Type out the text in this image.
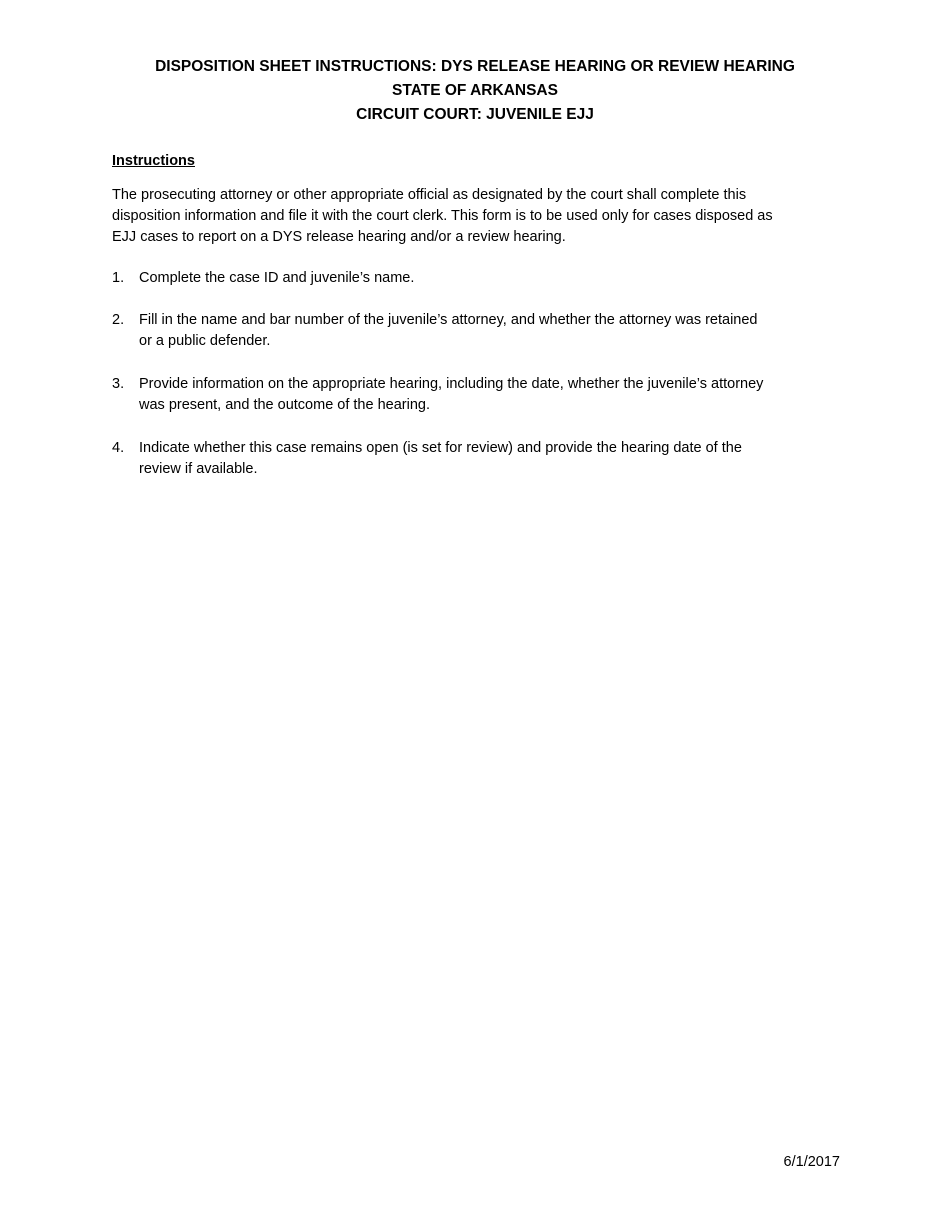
DISPOSITION SHEET INSTRUCTIONS: DYS RELEASE HEARING OR REVIEW HEARING
STATE OF ARKANSAS
CIRCUIT COURT: JUVENILE EJJ
Instructions
The prosecuting attorney or other appropriate official as designated by the court shall complete this
disposition information and file it with the court clerk. This form is to be used only for cases disposed as
EJJ cases to report on a DYS release hearing and/or a review hearing.
1.	Complete the case ID and juvenile’s name.
2.	Fill in the name and bar number of the juvenile’s attorney, and whether the attorney was retained
or a public defender.
3.	Provide information on the appropriate hearing, including the date, whether the juvenile’s attorney
was present, and the outcome of the hearing.
4.	Indicate whether this case remains open (is set for review) and provide the hearing date of the
review if available.
6/1/2017
